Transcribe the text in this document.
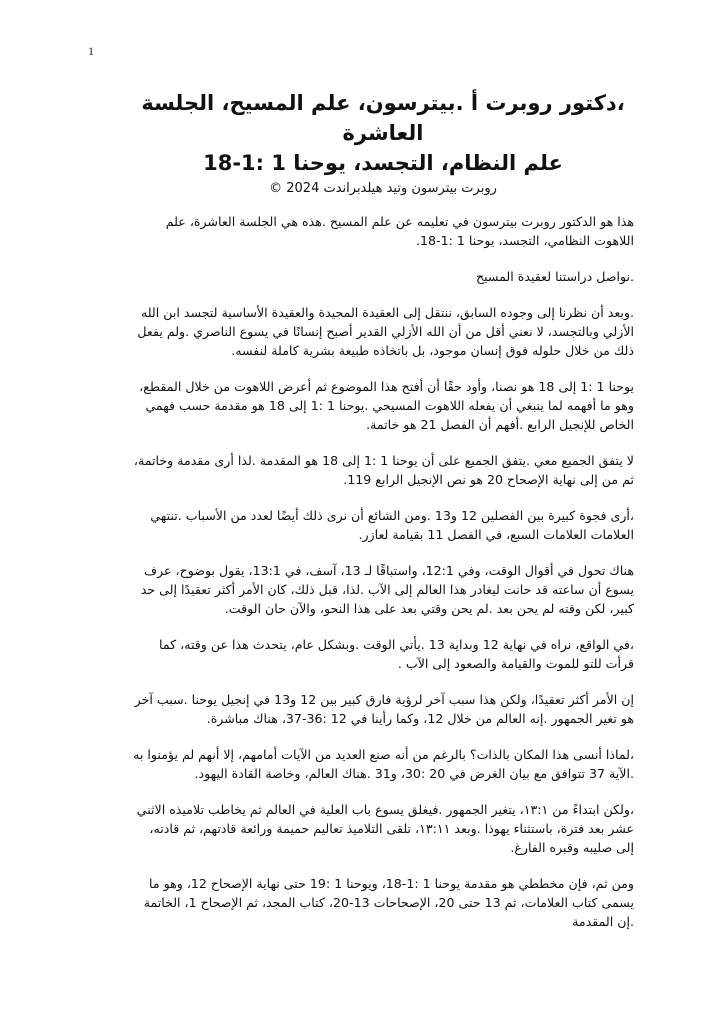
1
،دكتور روبرت أ .بيترسون، علم المسيح، الجلسة العاشرة
علم النظام، التجسد، يوحنا 1 :1-18
روبرت بيترسون وتيد هيلدبراندت 2024 ©

هذا هو الدكتور روبرت بيترسون في تعليمه عن علم المسيح .هذه هي الجلسة العاشرة، علم اللاهوت النظامي، التجسد، يوحنا 1 :1-18.

.نواصل دراستنا لعقيدة المسيح

.وبعد أن نظرنا إلى وجوده السابق، ننتقل إلى العقيدة المجيدة والعقيدة الأساسية لتجسد ابن الله الأزلي وبالتجسد، لا نعني أقل من أن الله الأزلي القدير أصبح إنسانًا في يسوع الناصري .ولم يفعل ذلك من خلال حلوله فوق إنسان موجود، بل باتخاذه طبيعة بشرية كاملة لنفسه.

يوحنا 1 :1 إلى 18 هو نصنا، وأود حقًا أن أفتح هذا الموضوع ثم أعرض اللاهوت من خلال المقطع، وهو ما أفهمه لما ينبغي أن يفعله اللاهوت المسيحي .يوحنا 1 :1 إلى 18 هو مقدمة حسب فهمي الخاص للإنجيل الرابع .أفهم أن الفصل 21 هو خاتمة.

لا يتفق الجميع معي .يتفق الجميع على أن يوحنا 1 :1 إلى 18 هو المقدمة .لذا أرى مقدمة وخاتمة، ثم من إلى نهاية الإصحاح 20 هو نص الإنجيل الرابع 119.

،أرى فجوة كبيرة بين الفصلين 12 و13 .ومن الشائع أن نرى ذلك أيضًا لعدد من الأسباب .تنتهي العلامات العلامات السبع، في الفصل 11 بقيامة لعازر.

هناك تحول في أقوال الوقت، وفي 12:1، واستباقًا لـ 13، آسف، في 13:1، يقول بوضوح، عرف يسوع أن ساعته قد حانت ليغادر هذا العالم إلى الآب .لذا، قبل ذلك، كان الأمر أكثر تعقيدًا إلى حد كبير، لكن وقته لم يحن بعد .لم يحن وقتي بعد على هذا النحو، والآن حان الوقت.

،في الواقع، نراه في نهاية 12 وبداية 13 .يأتي الوقت .وبشكل عام، يتحدث هذا عن وقته، كما قرأت للتو للموت والقيامة والصعود إلى الآب .

إن الأمر أكثر تعقيدًا، ولكن هذا سبب آخر لرؤية فارق كبير بين 12 و13 في إنجيل يوحنا .سبب آخر هو تغير الجمهور .إنه العالم من خلال 12، وكما رأينا في 12 :36-37، هناك مباشرة.

،لماذا أنسى هذا المكان بالذات؟ بالرغم من أنه صنع العديد من الآيات أمامهم، إلا أنهم لم يؤمنوا به .الآية 37 تتوافق مع بيان الغرض في 20 :30، و31 .هناك العالم، وخاصة القادة اليهود.

،ولكن ابتداءً من ١٣:١، يتغير الجمهور .فيغلق يسوع باب العلية في العالم ثم يخاطب تلاميذه الاثني عشر بعد فترة، باستثناء يهوذا .وبعد ١٣:١١، تلقى التلاميذ تعاليم حميمة ورائعة قادتهم، ثم قادته، إلى صليبه وقبره الفارغ.

ومن ثم، فإن مخططي هو مقدمة يوحنا 1 :1-18، ويوحنا 1 :19 حتى نهاية الإصحاح 12، وهو ما يسمى كتاب العلامات، ثم 13 حتى 20، الإصحاحات 13-20، كتاب المجد، ثم الإصحاح 1، الخاتمة .إن المقدمة
